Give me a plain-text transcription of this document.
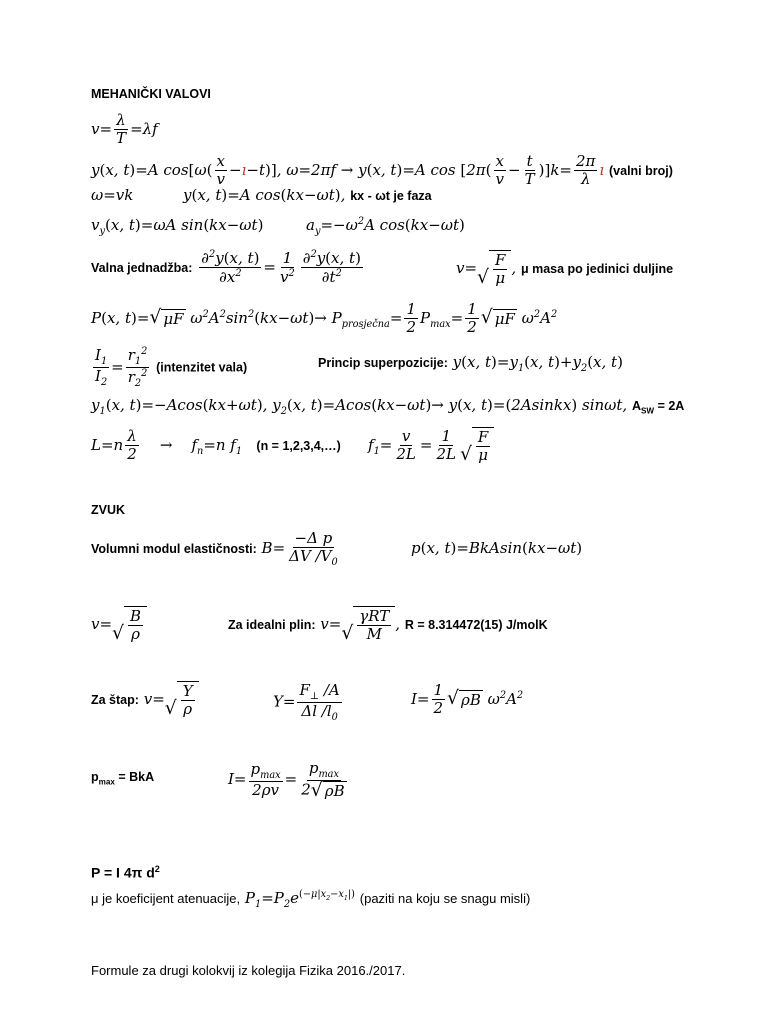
MEHANIČKI VALOVI
$v= \frac{\lambda}{T} =\lambda f$
y(x, t)=A $\cos[\omega( \frac{x}{v}$ −ı−t)], ω=2πf → y(x, t)=A $\cos [2\pi( \frac{x}{v} - \frac{t}{T} )]k= \frac{2\pi}{\lambda}$ ı (valni broj)
ω=vk	y(x, t)=A cos(kx−ωt), kx - ωt je faza
$v_y(x$, t)=ωA sin(kx−ωt)	$a_y=-\omega^2A$ cos(kx−ωt)
Valna jednadžba: $\frac{\partial^2y(x, t)}{\partial x^2} = \frac{1}{v^2} \frac{\partial^2y(x, t)}{\partial t^2}$	v= √ $\frac{F}{\mu}$ , μ masa po jedinici duljine
P(x, t)= √ μF $\omega^2A^2\sin^2(kx-\omega t)\to P_{prosječna}= \frac{1}{2} P_{max}= \frac{1}{2}$ √ μF $\omega^2A^2$
$\frac{I_1}{I_2} = \frac{r_1^2}{r_2^2}$ (intenzitet vala)	Princip superpozicije: y(x, $t)=y_1(x$, $t)+y_2(x$, t)
$y_1(x$, t)=−Acos(kx+ωt), $y_2(x$, t)=Acos(kx−ωt)→ y(x, t)=(2Asinkx) sinωt, $A_{SW} = 2A$
$L=n \frac{\lambda}{2}$ →    $f_n=n$ $f_1$ (n = 1,2,3,4,…) $f_1= \frac{v}{2L} = \frac{1}{2L}$ √ $\frac{F}{\mu}$
ZVUK
Volumni modul elastičnosti: $B= \frac{\text{−Δ p}}{\Delta V /V_0}$	p(x, t)=BkAsin(kx−ωt)
v= √ $\frac{B}{\rho}$	Za idealni plin: v= √ $\frac{\text{γRT}}{M}$ , R = 8.314472(15) J/molK
Za štap: v= √ $\frac{Y}{\rho}$	$Y= \frac{F_\perp /A}{\Delta l /l_0}$	$I= \frac{1}{2}$ √ ρB $\omega^2A^2$
$p_{max}$ = BkA	$I= \frac{p_{max}}{2\rho v} = \frac{p_{max}}{2 √ \rho B}$
P = I 4π $d^2$
μ je koeficijent atenuacije, $P_1=P_2e^{(-\mu|x_2-x_1|)}$ (paziti na koju se snagu misli)
Formule za drugi kolokvij iz kolegija Fizika 2016./2017.
